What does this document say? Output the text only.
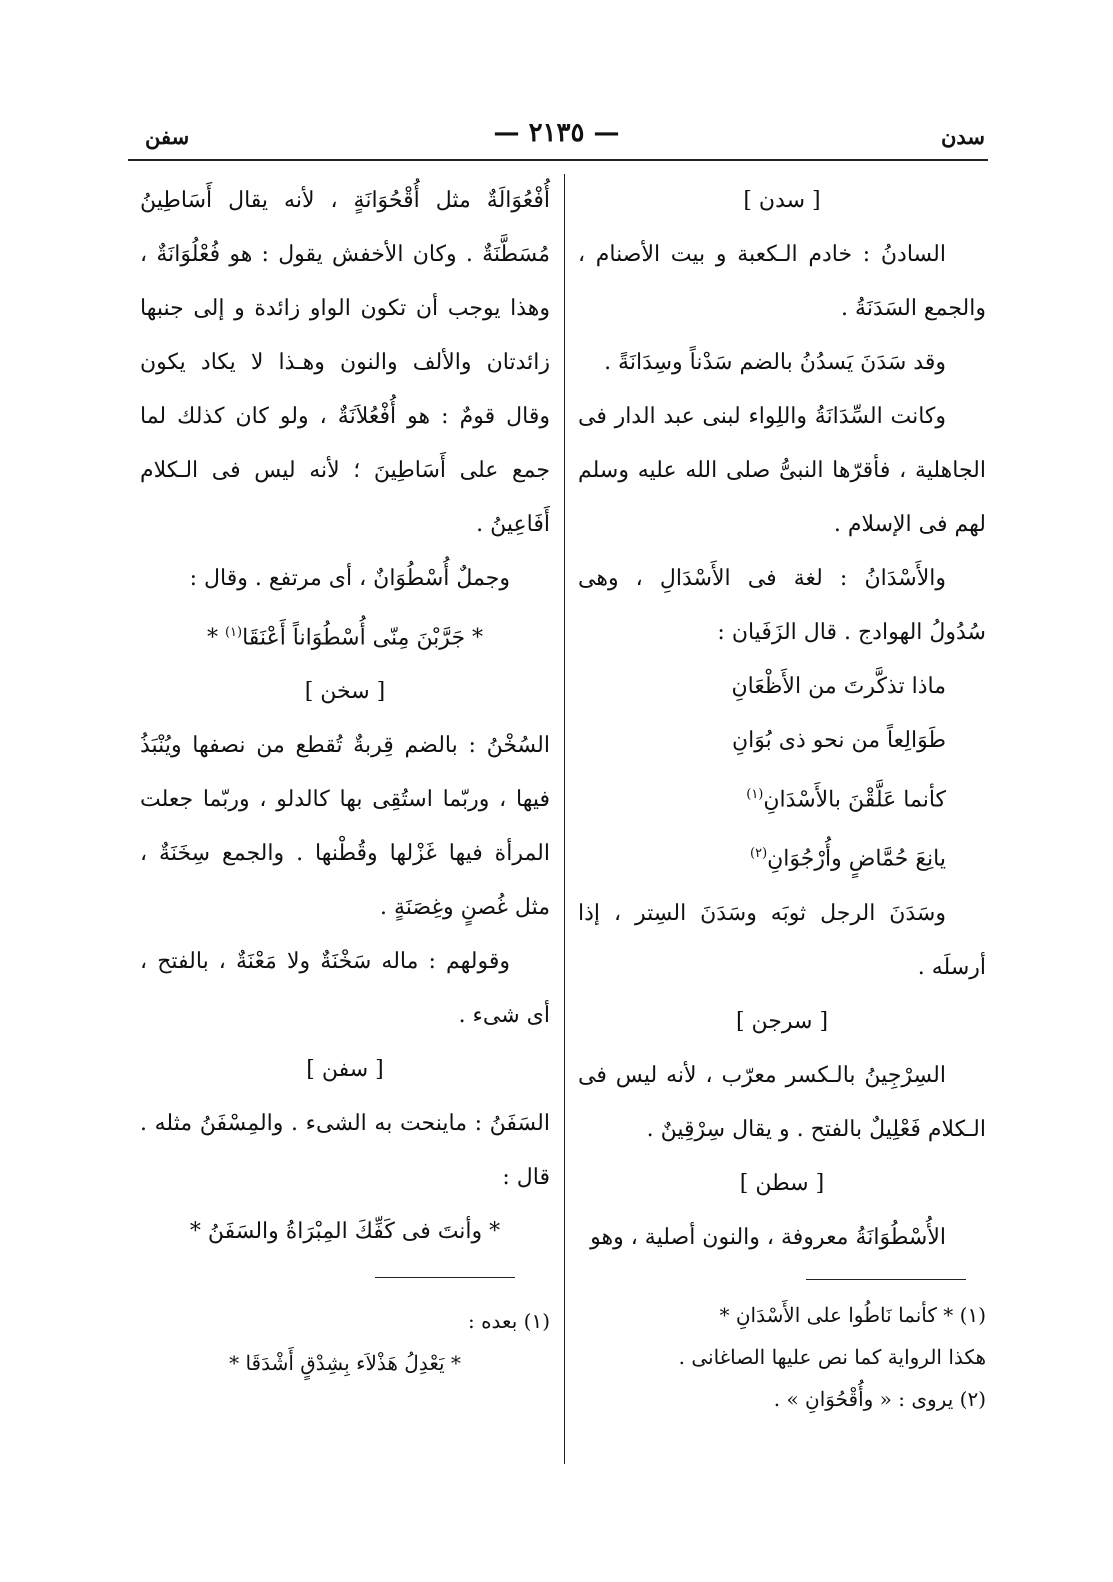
سدن
— ٢١٣٥ —
سفن

[ سدن ]

السادنُ : خادم الـكعبة و بيت الأصنام ، والجمع السَدَنَةُ .

وقد سَدَنَ يَسدُنُ بالضم سَدْناً وسِدَانَةً .

وكانت السِّدَانَةُ واللِواء لبنى عبد الدار فى الجاهلية ، فأقرّها النبىُّ صلى الله عليه وسلم لهم فى الإسلام .

والأَسْدَانُ : لغة فى الأَسْدَالِ ، وهى سُدُولُ الهوادج . قال الزَفَيان :

ماذا تذكَّرتَ من الأَظْعَانِ

طَوَالِعاً من نحو ذى بُوَانِ

كأنما عَلَّقْنَ بالأَسْدَانِ$^{(١)}$

يانِعَ حُمَّاضٍ وأُرْجُوَانِ$^{(٢)}$

وسَدَنَ الرجل ثوبَه وسَدَنَ السِتر ، إذا أرسلَه .

[ سرجن ]

السِرْجِينُ بالـكسر معرّب ، لأنه ليس فى الـكلام فَعْلِيلٌ بالفتح . و يقال سِرْقِينٌ .

[ سطن ]

الأُسْطُوَانَةُ معروفة ، والنون أصلية ، وهو

(١) * كأنما نَاطُوا على الأَسْدَانِ *

هكذا الرواية كما نص عليها الصاغانى .

(٢) يروى : « وأُقْحُوَانِ » .

أُفْعُوَالَةٌ مثل أُقْحُوَانَةٍ ، لأنه يقال أَسَاطِينُ مُسَطَّنَةٌ . وكان الأخفش يقول : هو فُعْلُوَانَةٌ ، وهذا يوجب أن تكون الواو زائدة و إلى جنبها زائدتان والألف والنون وهـذا لا يكاد يكون وقال قومٌ : هو أُفْعُلاَنَةٌ ، ولو كان كذلك لما جمع على أَسَاطِينَ ؛ لأنه ليس فى الـكلام أَفَاعِينُ .

وجملٌ أُسْطُوَانٌ ، أى مرتفع . وقال :

* جَرَّبْنَ مِنّى أُسْطُوَاناً أَعْنَقَا$^{(١)}$ *

[ سخن ]

السُخْنُ : بالضم قِربةٌ تُقطع من نصفها ويُنْبَذُ فيها ، وربّما استُقِى بها كالدلو ، وربّما جعلت المرأة فيها غَزْلها وقُطْنها . والجمع سِخَنَةٌ ، مثل غُصنٍ وغِصَنَةٍ .

وقولهم : ماله سَخْنَةٌ ولا مَعْنَةٌ ، بالفتح ، أى شىء .

[ سفن ]

السَفَنُ : ماينحت به الشىء . والمِسْفَنُ مثله . قال :

* وأنتَ فى كَفِّكَ المِبْرَاةُ والسَفَنُ *

(١) بعده :

* يَعْدِلُ هَذْلاَء بِشِدْقٍ أَشْدَقَا *
